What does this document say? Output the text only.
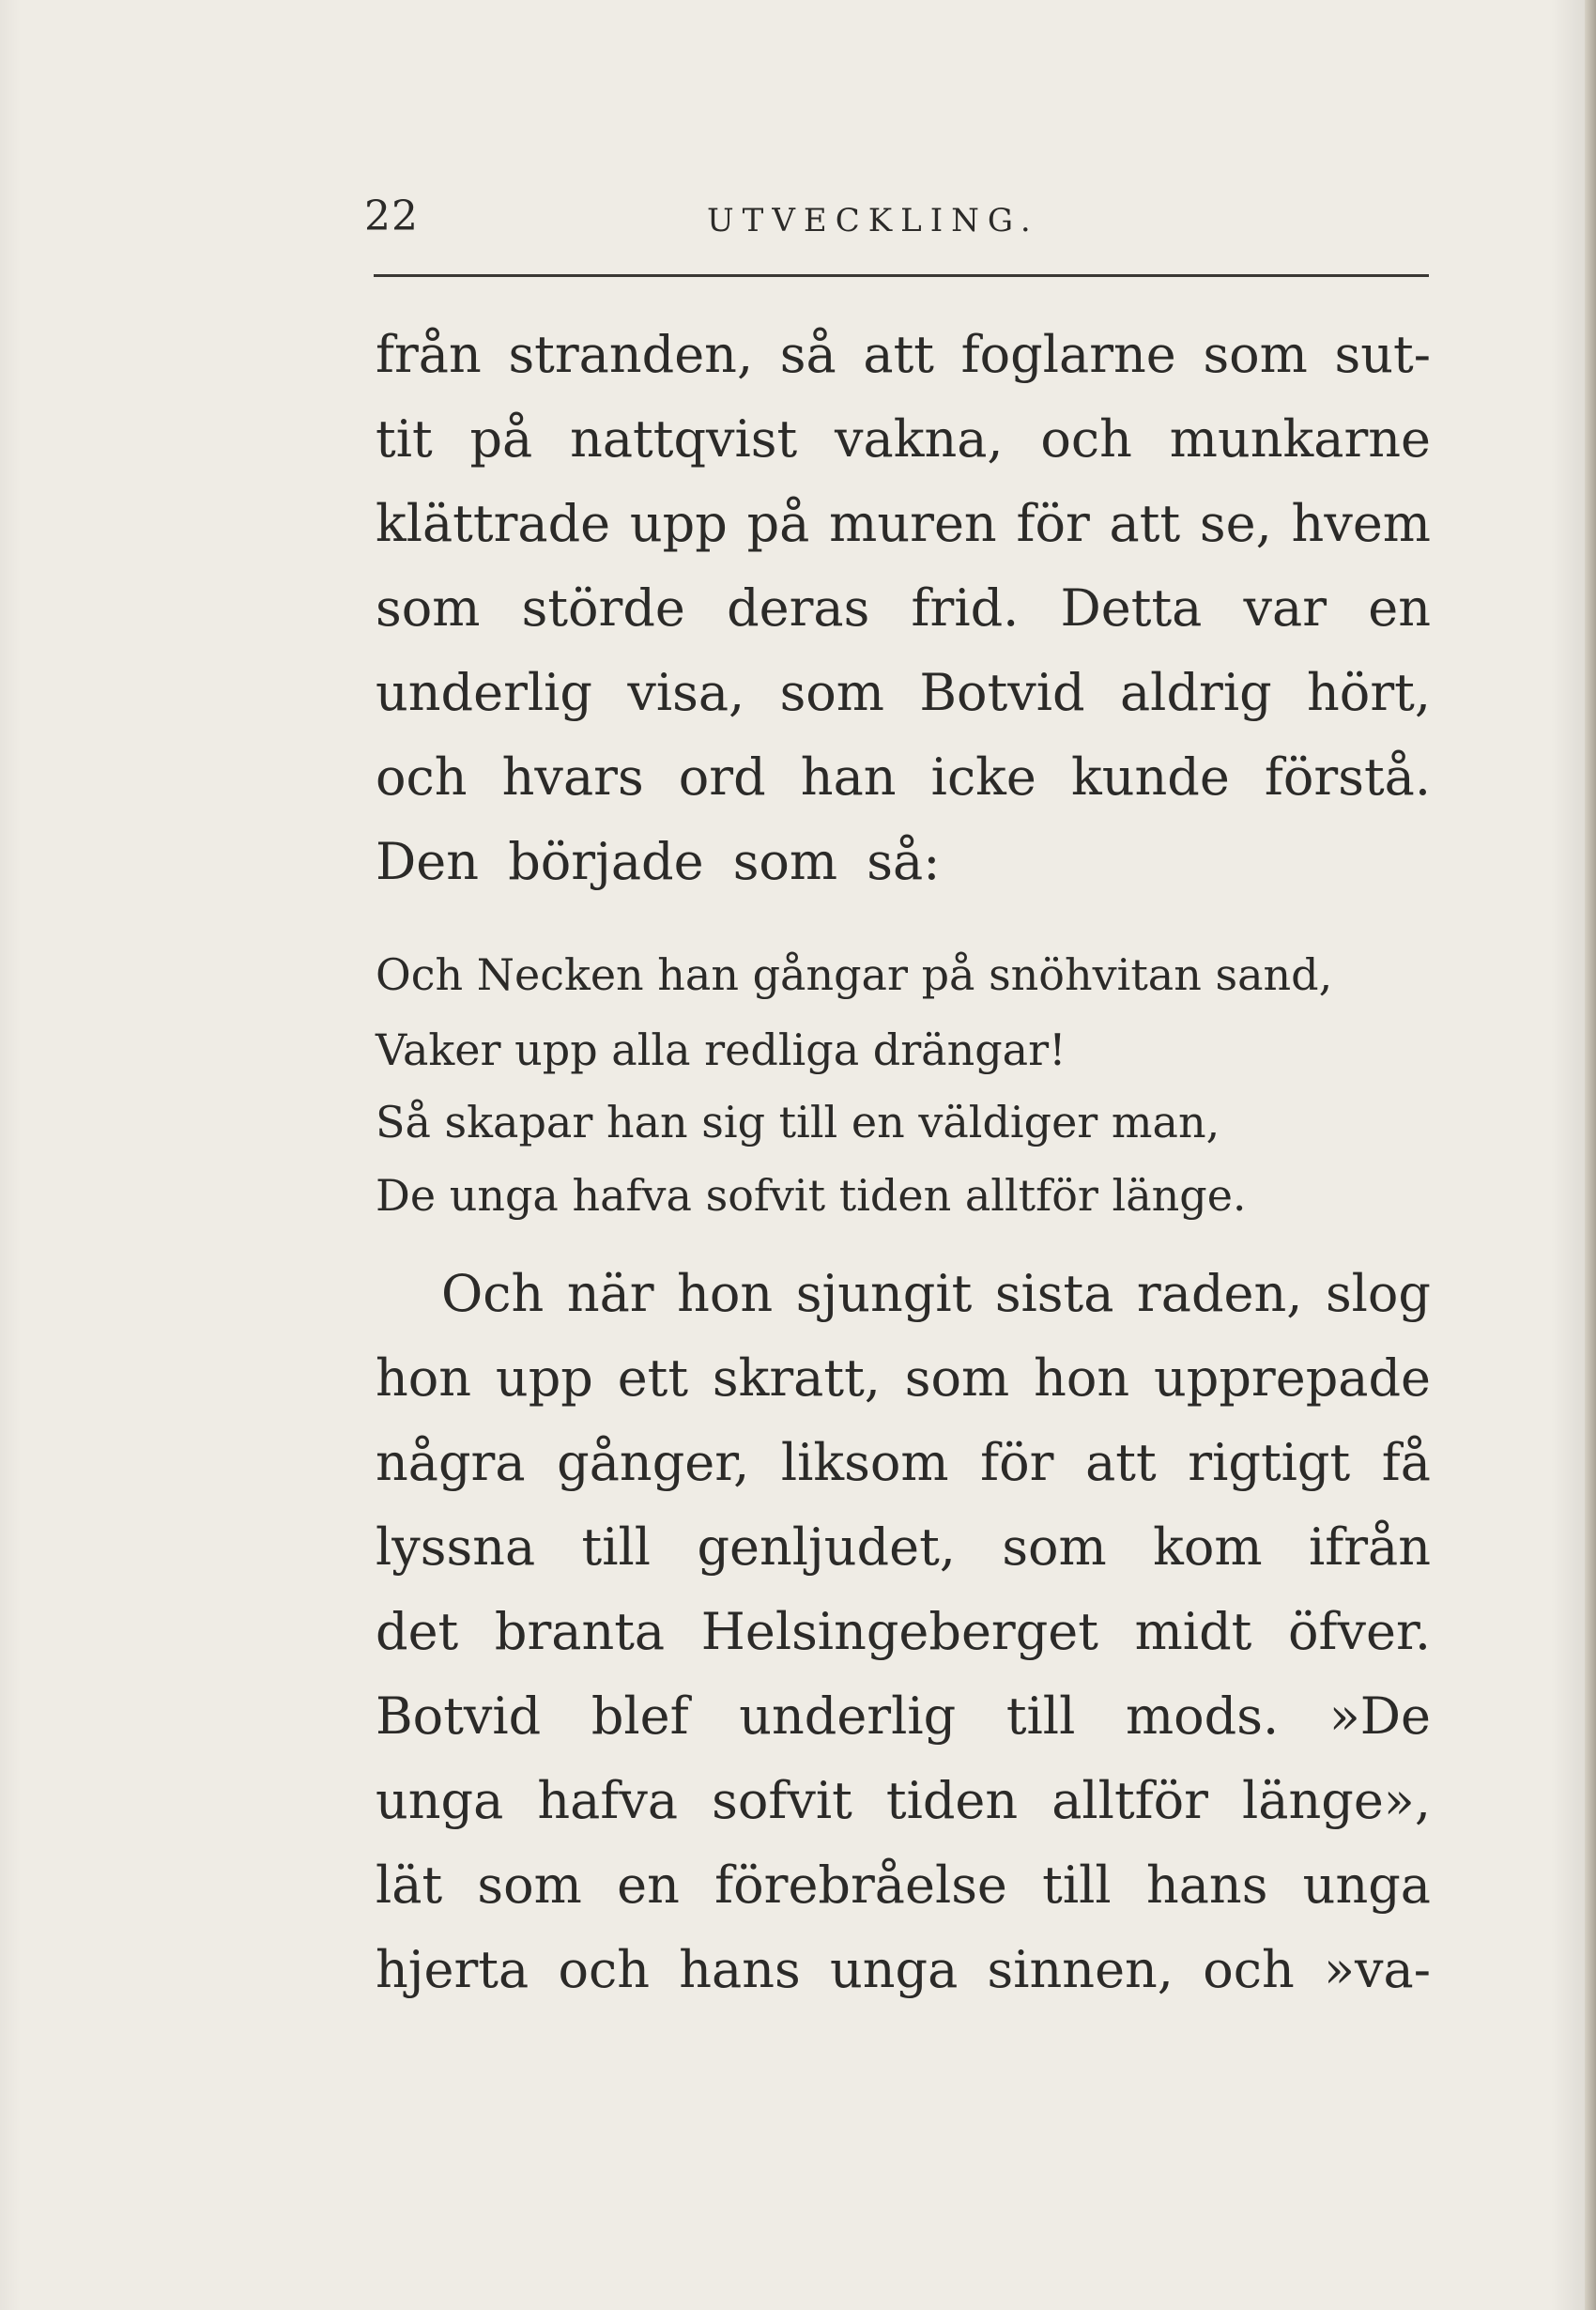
22	UTVECKLING.
från stranden, så att foglarne som sut-
tit på nattqvist vakna, och munkarne
klättrade upp på muren för att se, hvem
som störde deras frid. Detta var en
underlig visa, som Botvid aldrig hört,
och hvars ord han icke kunde förstå.
Den började som så:
Och Necken han gångar på snöhvitan sand,
Vaker upp alla redliga drängar!
Så skapar han sig till en väldiger man,
De unga hafva sofvit tiden alltför länge.
Och när hon sjungit sista raden, slog
hon upp ett skratt, som hon upprepade
några gånger, liksom för att rigtigt få
lyssna till genljudet, som kom ifrån
det branta Helsingeberget midt öfver.
Botvid blef underlig till mods. »De
unga hafva sofvit tiden alltför länge»,
lät som en förebråelse till hans unga
hjerta och hans unga sinnen, och »va-
